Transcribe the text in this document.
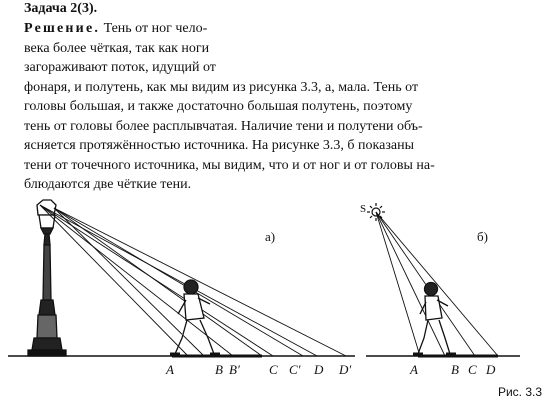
Задача 2(3).

Решение. Тень от ног чело-
века более чёткая, так как ноги
загораживают поток, идущий от
фонаря, и полутень, как мы видим из рисунка 3.3, а, мала. Тень от
головы большая, и также достаточно большая полутень, поэтому
тень от головы более расплывчатая. Наличие тени и полутени объ-
ясняется протяжённостью источника. На рисунке 3.3, б показаны
тени от точечного источника, мы видим, что и от ног и от головы на-
блюдаются две чёткие тени.
а)	б)
S
A	B B′ C C′ D D′	A	B C D

Рис. 3.3
